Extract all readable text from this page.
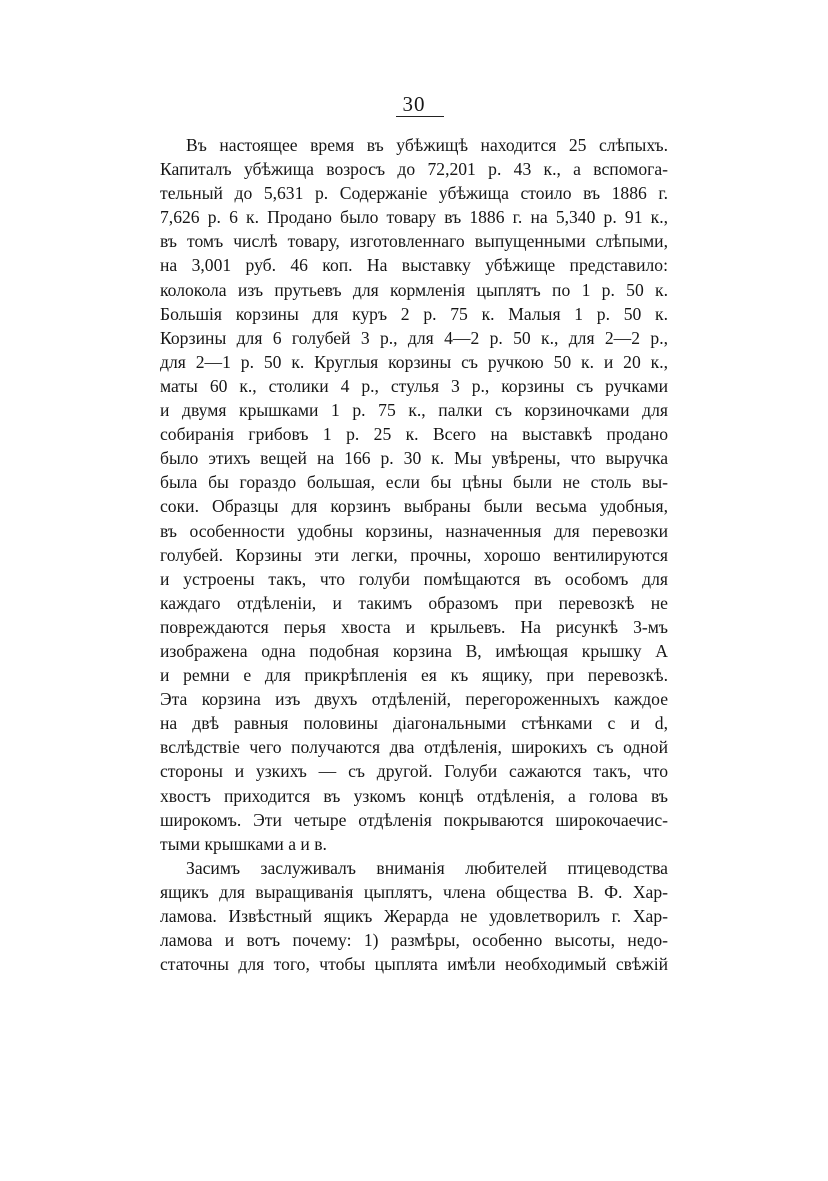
30
Въ настоящее время въ убѣжищѣ находится 25 слѣпыхъ.
Капиталъ убѣжища возросъ до 72,201 р. 43 к., а вспомога-
тельный до 5,631 р. Содержаніе убѣжища стоило въ 1886 г.
7,626 р. 6 к. Продано было товару въ 1886 г. на 5,340 р. 91 к.,
въ томъ числѣ товару, изготовленнаго выпущенными слѣпыми,
на 3,001 руб. 46 коп. На выставку убѣжище представило:
колокола изъ прутьевъ для кормленія цыплятъ по 1 р. 50 к.
Большія корзины для куръ 2 р. 75 к. Малыя 1 р. 50 к.
Корзины для 6 голубей 3 р., для 4—2 р. 50 к., для 2—2 р.,
для 2—1 р. 50 к. Круглыя корзины съ ручкою 50 к. и 20 к.,
маты 60 к., столики 4 р., стулья 3 р., корзины съ ручками
и двумя крышками 1 р. 75 к., палки съ корзиночками для
собиранія грибовъ 1 р. 25 к. Всего на выставкѣ продано
было этихъ вещей на 166 р. 30 к. Мы увѣрены, что выручка
была бы гораздо большая, если бы цѣны были не столь вы-
соки. Образцы для корзинъ выбраны были весьма удобныя,
въ особенности удобны корзины, назначенныя для перевозки
голубей. Корзины эти легки, прочны, хорошо вентилируются
и устроены такъ, что голуби помѣщаются въ особомъ для
каждаго отдѣленіи, и такимъ образомъ при перевозкѣ не
повреждаются перья хвоста и крыльевъ. На рисункѣ 3-мъ
изображена одна подобная корзина B, имѣющая крышку A
и ремни e для прикрѣпленія ея къ ящику, при перевозкѣ.
Эта корзина изъ двухъ отдѣленій, перегороженныхъ каждое
на двѣ равныя половины діагональными стѣнками c и d,
вслѣдствіе чего получаются два отдѣленія, широкихъ съ одной
стороны и узкихъ — съ другой. Голуби сажаются такъ, что
хвостъ приходится въ узкомъ концѣ отдѣленія, а голова въ
широкомъ. Эти четыре отдѣленія покрываются широкочаечис-
тыми крышками a и в.
Засимъ заслуживалъ вниманія любителей птицеводства
ящикъ для выращиванія цыплятъ, члена общества В. Ф. Хар-
ламова. Извѣстный ящикъ Жерарда не удовлетворилъ г. Хар-
ламова и вотъ почему: 1) размѣры, особенно высоты, недо-
статочны для того, чтобы цыплята имѣли необходимый свѣжій
